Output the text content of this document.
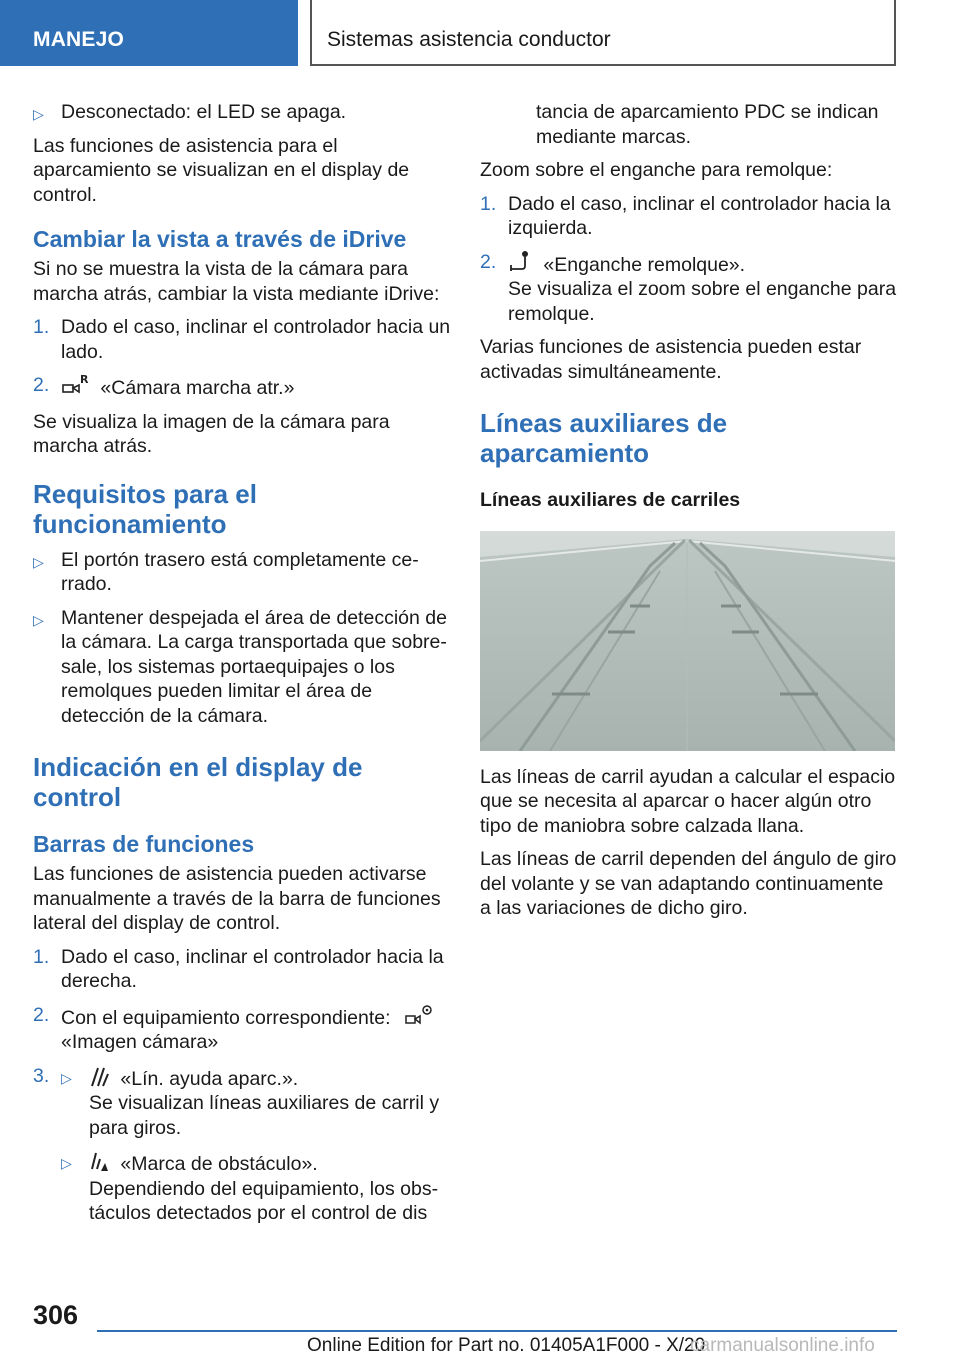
MANEJO	Sistemas asistencia conductor
▷ Desconectado: el LED se apaga.

Las funciones de asistencia para el aparcamiento se visualizan en el display de control.

Cambiar la vista a través de iDrive

Si no se muestra la vista de la cámara para marcha atrás, cambiar la vista mediante iDrive:

1. Dado el caso, inclinar el controlador hacia un lado.
2.	R «Cámara marcha atr.»

Se visualiza la imagen de la cámara para marcha atrás.

Requisitos para el funcionamiento
▷ El portón trasero está completamente cerrado.
▷ Mantener despejada el área de detección de la cámara. La carga transportada que sobresale, los sistemas portaequipajes o los remolques pueden limitar el área de detección de la cámara.
Indicación en el display de control
Barras de funciones

Las funciones de asistencia pueden activarse manualmente a través de la barra de funciones lateral del display de control.

1. Dado el caso, inclinar el controlador hacia la derecha.
2. Con el equipamiento correspondiente:
«Imagen cámara»
3. ▷ «Lín. ayuda aparc.».
Se visualizan líneas auxiliares de carril y para giros.
▷ «Marca de obstáculo».
Dependiendo del equipamiento, los obstáculos detectados por el control de dis

tancia de aparcamiento PDC se indican mediante marcas.

Zoom sobre el enganche para remolque:

1. Dado el caso, inclinar el controlador hacia la izquierda.
2. «Enganche remolque».
Se visualiza el zoom sobre el enganche para remolque.

Varias funciones de asistencia pueden estar activadas simultáneamente.

Líneas auxiliares de aparcamiento
Líneas auxiliares de carriles

Las líneas de carril ayudan a calcular el espacio que se necesita al aparcar o hacer algún otro tipo de maniobra sobre calzada llana.

Las líneas de carril dependen del ángulo de giro del volante y se van adaptando continuamente a las variaciones de dicho giro.

306
Online Edition for Part no. 01405A1F000 - X/20
carmanualsonline.info
